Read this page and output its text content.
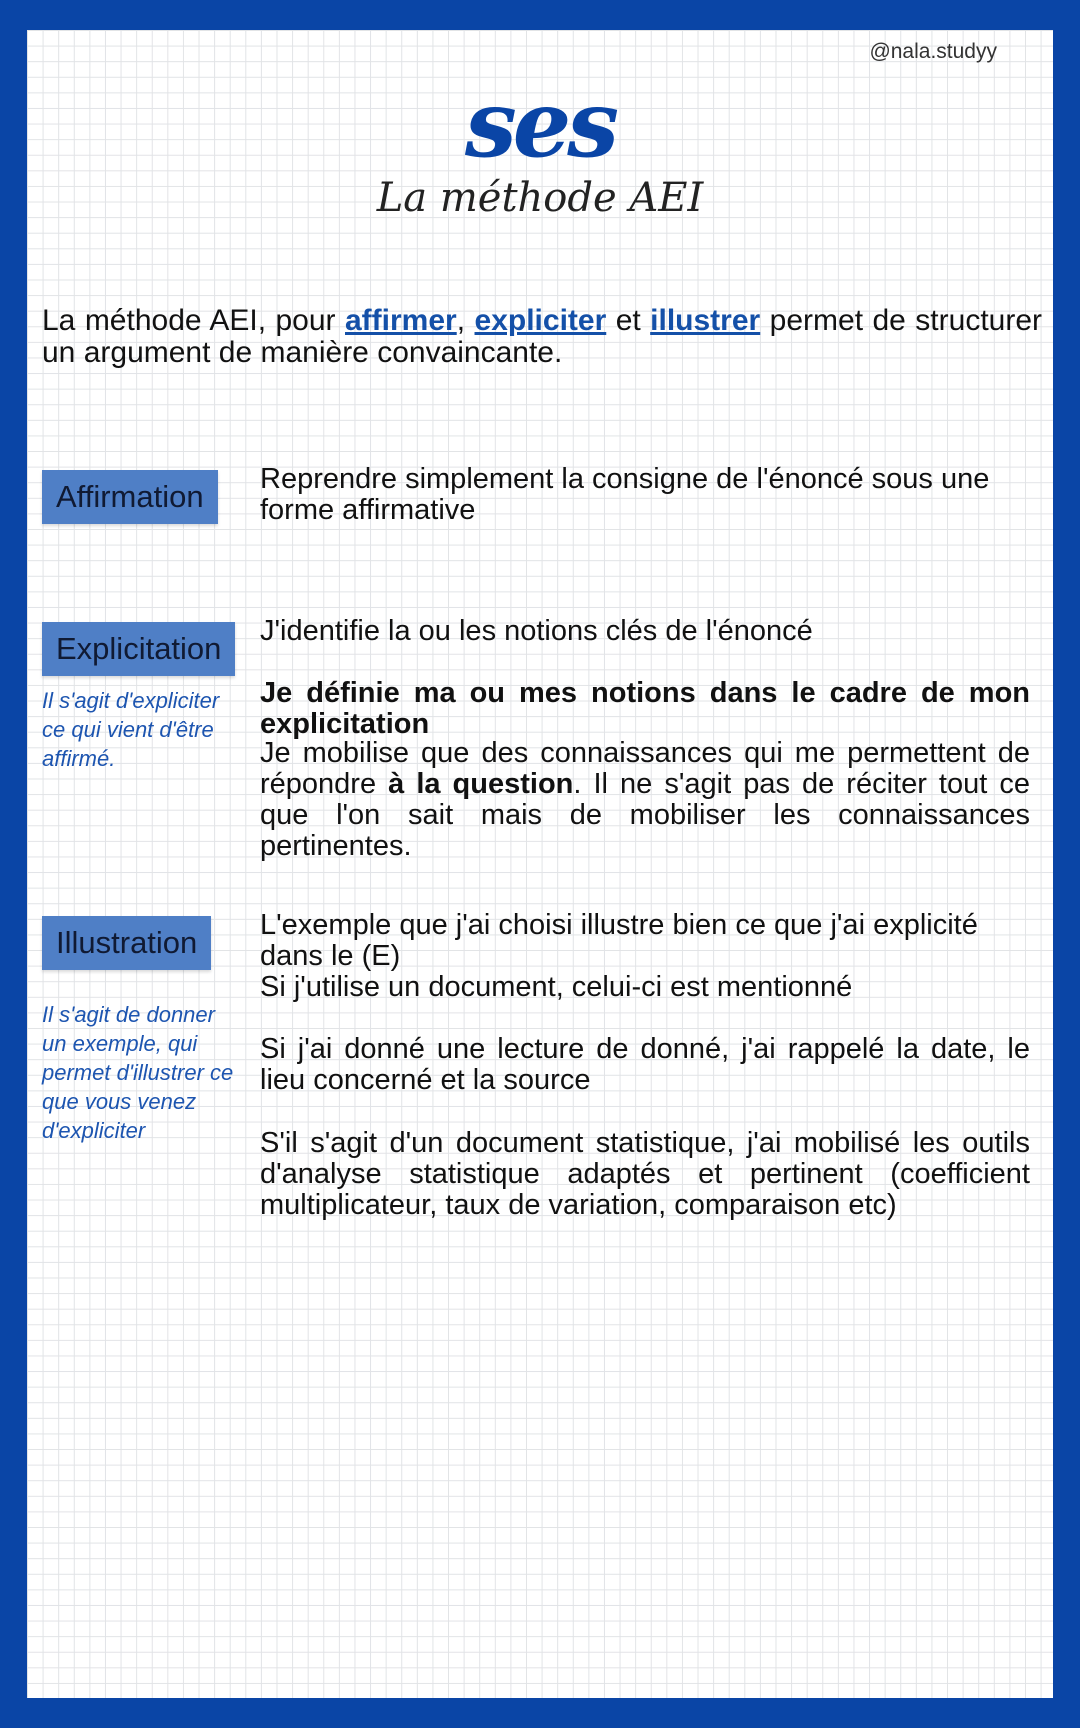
@nala.studyy
ses
La méthode AEI
La méthode AEI, pour affirmer, expliciter et illustrer permet de structurer un argument de manière convaincante.
Affirmation	Reprendre simplement la consigne de l'énoncé sous une forme affirmative
Explicitation
Il s'agit d'expliciter ce qui vient d'être affirmé.
J'identifie la ou les notions clés de l'énoncé
Je définie ma ou mes notions dans le cadre de mon explicitation
Je mobilise que des connaissances qui me permettent de répondre à la question. Il ne s'agit pas de réciter tout ce que l'on sait mais de mobiliser les connaissances pertinentes.
Illustration
Il s'agit de donner un exemple, qui permet d'illustrer ce que vous venez d'expliciter
L'exemple que j'ai choisi illustre bien ce que j'ai explicité dans le (E)
Si j'utilise un document, celui-ci est mentionné
Si j'ai donné une lecture de donné, j'ai rappelé la date, le lieu concerné et la source
S'il s'agit d'un document statistique, j'ai mobilisé les outils d'analyse statistique adaptés et pertinent (coefficient multiplicateur, taux de variation, comparaison etc)
